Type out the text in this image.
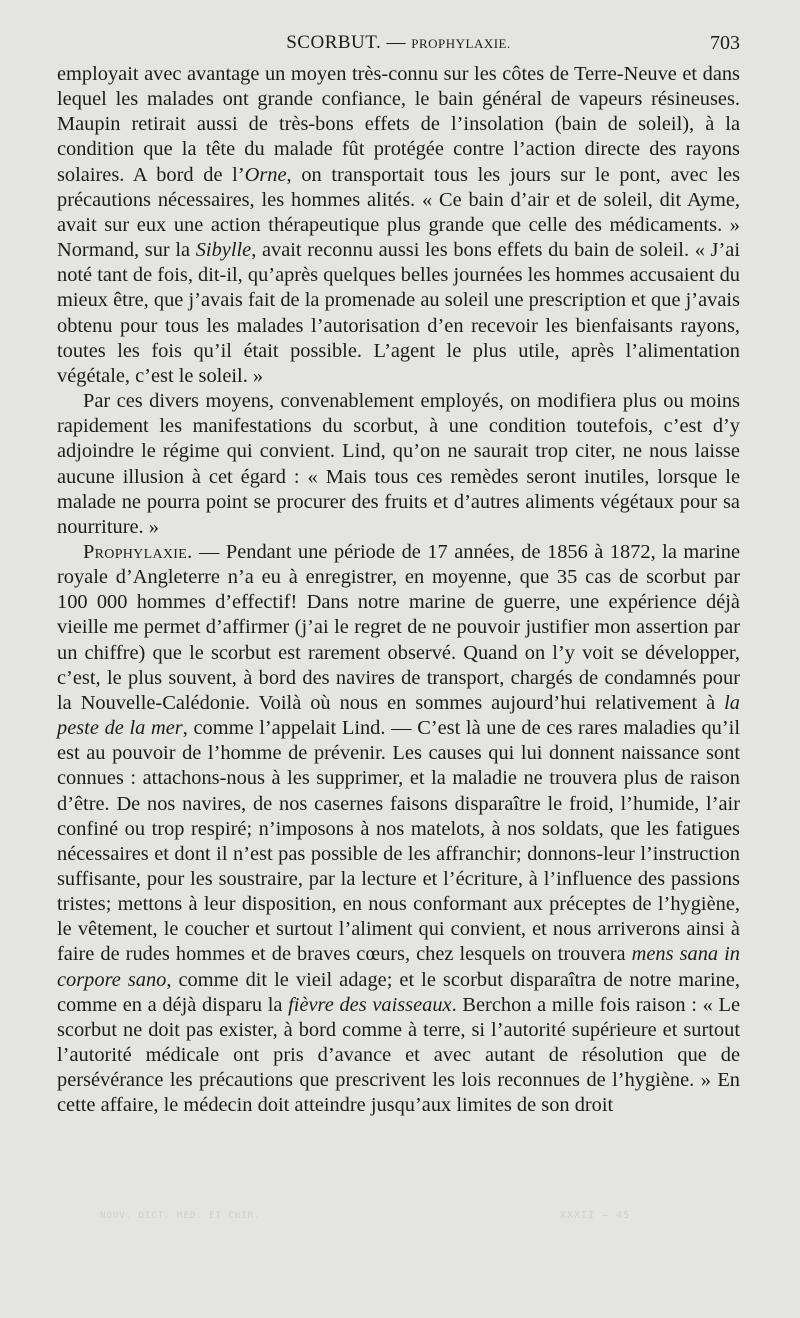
SCORBUT. — PROPHYLAXIE.	703

employait avec avantage un moyen très-connu sur les côtes de Terre-Neuve et dans lequel les malades ont grande confiance, le bain général de vapeurs résineuses. Maupin retirait aussi de très-bons effets de l’insolation (bain de soleil), à la condition que la tête du malade fût protégée contre l’action directe des rayons solaires. A bord de l’Orne, on transportait tous les jours sur le pont, avec les précautions nécessaires, les hommes alités. « Ce bain d’air et de soleil, dit Ayme, avait sur eux une action thérapeutique plus grande que celle des médicaments. » Normand, sur la Sibylle, avait reconnu aussi les bons effets du bain de soleil. « J’ai noté tant de fois, dit-il, qu’après quelques belles journées les hommes accusaient du mieux être, que j’avais fait de la promenade au soleil une prescription et que j’avais obtenu pour tous les malades l’autorisation d’en recevoir les bienfaisants rayons, toutes les fois qu’il était possible. L’agent le plus utile, après l’alimentation végétale, c’est le soleil. »

Par ces divers moyens, convenablement employés, on modifiera plus ou moins rapidement les manifestations du scorbut, à une condition toutefois, c’est d’y adjoindre le régime qui convient. Lind, qu’on ne saurait trop citer, ne nous laisse aucune illusion à cet égard : « Mais tous ces remèdes seront inutiles, lorsque le malade ne pourra point se procurer des fruits et d’autres aliments végétaux pour sa nourriture. »

Prophylaxie. — Pendant une période de 17 années, de 1856 à 1872, la marine royale d’Angleterre n’a eu à enregistrer, en moyenne, que 35 cas de scorbut par 100 000 hommes d’effectif! Dans notre marine de guerre, une expérience déjà vieille me permet d’affirmer (j’ai le regret de ne pouvoir justifier mon assertion par un chiffre) que le scorbut est rarement observé. Quand on l’y voit se développer, c’est, le plus souvent, à bord des navires de transport, chargés de condamnés pour la Nouvelle-Calédonie. Voilà où nous en sommes aujourd’hui relativement à la peste de la mer, comme l’appelait Lind. — C’est là une de ces rares maladies qu’il est au pouvoir de l’homme de prévenir. Les causes qui lui donnent naissance sont connues : attachons-nous à les supprimer, et la maladie ne trouvera plus de raison d’être. De nos navires, de nos casernes faisons disparaître le froid, l’humide, l’air confiné ou trop respiré; n’imposons à nos matelots, à nos soldats, que les fatigues nécessaires et dont il n’est pas possible de les affranchir; donnons-leur l’instruction suffisante, pour les soustraire, par la lecture et l’écriture, à l’influence des passions tristes; mettons à leur disposition, en nous conformant aux préceptes de l’hygiène, le vêtement, le coucher et surtout l’aliment qui convient, et nous arriverons ainsi à faire de rudes hommes et de braves cœurs, chez lesquels on trouvera mens sana in corpore sano, comme dit le vieil adage; et le scorbut disparaîtra de notre marine, comme en a déjà disparu la fièvre des vaisseaux. Berchon a mille fois raison : « Le scorbut ne doit pas exister, à bord comme à terre, si l’autorité supérieure et surtout l’autorité médicale ont pris d’avance et avec autant de résolution que de persévérance les précautions que prescrivent les lois reconnues de l’hygiène. » En cette affaire, le médecin doit atteindre jusqu’aux limites de son droit

NOUV. DICT. MÉD. ET CHIR.	XXXII — 45
